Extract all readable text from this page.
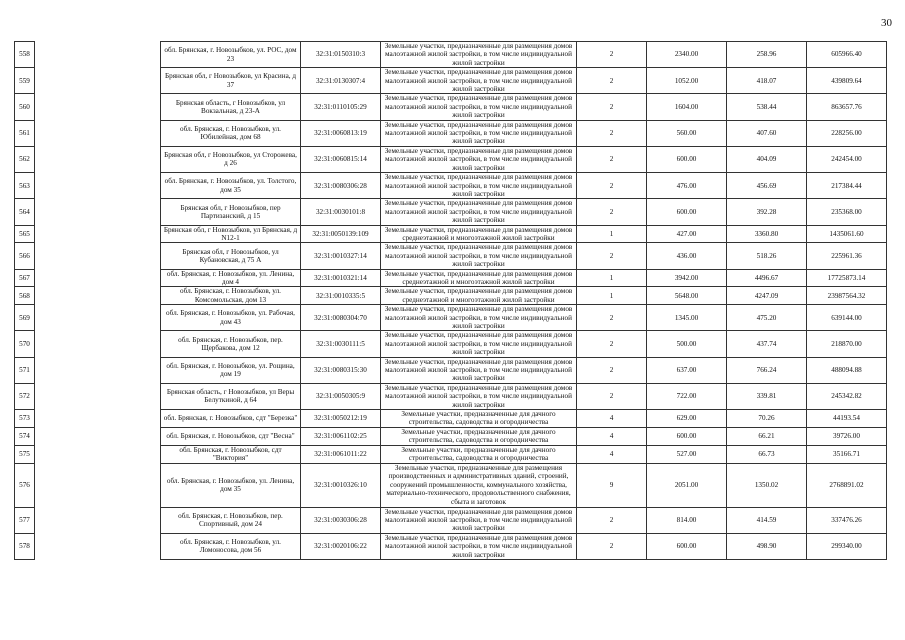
30
558		обл. Брянская, г. Новозыбков, ул. РОС, дом 23	32:31:0150310:3	Земельные участки, предназначенные для размещения домов малоэтажной жилой застройки, в том числе индивидуальной жилой застройки	2	2340.00	258.96	605966.40
559		Брянская обл, г Новозыбков, ул Красина, д 37	32:31:0130307:4	Земельные участки, предназначенные для размещения домов малоэтажной жилой застройки, в том числе индивидуальной жилой застройки	2	1052.00	418.07	439809.64
560		Брянская область, г Новозыбков, ул Вокзальная, д 23-А	32:31:0110105:29	Земельные участки, предназначенные для размещения домов малоэтажной жилой застройки, в том числе индивидуальной жилой застройки	2	1604.00	538.44	863657.76
561		обл. Брянская, г. Новозыбков, ул. Юбилейная, дом 68	32:31:0060813:19	Земельные участки, предназначенные для размещения домов малоэтажной жилой застройки, в том числе индивидуальной жилой застройки	2	560.00	407.60	228256.00
562		Брянская обл, г Новозыбков, ул Сторожева, д 26	32:31:0060815:14	Земельные участки, предназначенные для размещения домов малоэтажной жилой застройки, в том числе индивидуальной жилой застройки	2	600.00	404.09	242454.00
563		обл. Брянская, г. Новозыбков, ул. Толстого, дом 35	32:31:0080306:28	Земельные участки, предназначенные для размещения домов малоэтажной жилой застройки, в том числе индивидуальной жилой застройки	2	476.00	456.69	217384.44
564		Брянская обл, г Новозыбков, пер Партизанский, д 15	32:31:0030101:8	Земельные участки, предназначенные для размещения домов малоэтажной жилой застройки, в том числе индивидуальной жилой застройки	2	600.00	392.28	235368.00
565		Брянская обл, г Новозыбков, ул Брянская, д N12-1	32:31:0050139:109	Земельные участки, предназначенные для размещения домов среднеэтажной и многоэтажной жилой застройки	1	427.00	3360.80	1435061.60
566		Брянская обл, г Новозыбков, ул Кубановская, д 75 А	32:31:0010327:14	Земельные участки, предназначенные для размещения домов малоэтажной жилой застройки, в том числе индивидуальной жилой застройки	2	436.00	518.26	225961.36
567		обл. Брянская, г. Новозыбков, ул. Ленина, дом 4	32:31:0010321:14	Земельные участки, предназначенные для размещения домов среднеэтажной и многоэтажной жилой застройки	1	3942.00	4496.67	17725873.14
568		обл. Брянская, г. Новозыбков, ул. Комсомольская, дом 13	32:31:0010335:5	Земельные участки, предназначенные для размещения домов среднеэтажной и многоэтажной жилой застройки	1	5648.00	4247.09	23987564.32
569		обл. Брянская, г. Новозыбков, ул. Рабочая, дом 43	32:31:0080304:70	Земельные участки, предназначенные для размещения домов малоэтажной жилой застройки, в том числе индивидуальной жилой застройки	2	1345.00	475.20	639144.00
570		обл. Брянская, г. Новозыбков, пер. Щербакова, дом 12	32:31:0030111:5	Земельные участки, предназначенные для размещения домов малоэтажной жилой застройки, в том числе индивидуальной жилой застройки	2	500.00	437.74	218870.00
571		обл. Брянская, г. Новозыбков, ул. Рощина, дом 19	32:31:0080315:30	Земельные участки, предназначенные для размещения домов малоэтажной жилой застройки, в том числе индивидуальной жилой застройки	2	637.00	766.24	488094.88
572		Брянская область, г Новозыбков, ул Веры Белуткиной, д 64	32:31:0050305:9	Земельные участки, предназначенные для размещения домов малоэтажной жилой застройки, в том числе индивидуальной жилой застройки	2	722.00	339.81	245342.82
573		обл. Брянская, г. Новозыбков, сдт "Березка"	32:31:0050212:19	Земельные участки, предназначенные для дачного строительства, садоводства и огородничества	4	629.00	70.26	44193.54
574		обл. Брянская, г. Новозыбков, сдт "Весна"	32:31:0061102:25	Земельные участки, предназначенные для дачного строительства, садоводства и огородничества	4	600.00	66.21	39726.00
575		обл. Брянская, г. Новозыбков, сдт "Виктория"	32:31:0061011:22	Земельные участки, предназначенные для дачного строительства, садоводства и огородничества	4	527.00	66.73	35166.71
576		обл. Брянская, г. Новозыбков, ул. Ленина, дом 35	32:31:0010326:10	Земельные участки, предназначенные для размещения производственных и административных зданий, строений, сооружений промышленности, коммунального хозяйства, материально-технического, продовольственного снабжения, сбыта и заготовок	9	2051.00	1350.02	2768891.02
577		обл. Брянская, г. Новозыбков, пер. Спортивный, дом 24	32:31:0030306:28	Земельные участки, предназначенные для размещения домов малоэтажной жилой застройки, в том числе индивидуальной жилой застройки	2	814.00	414.59	337476.26
578		обл. Брянская, г. Новозыбков, ул. Ломоносова, дом 56	32:31:0020106:22	Земельные участки, предназначенные для размещения домов малоэтажной жилой застройки, в том числе индивидуальной жилой застройки	2	600.00	498.90	299340.00
